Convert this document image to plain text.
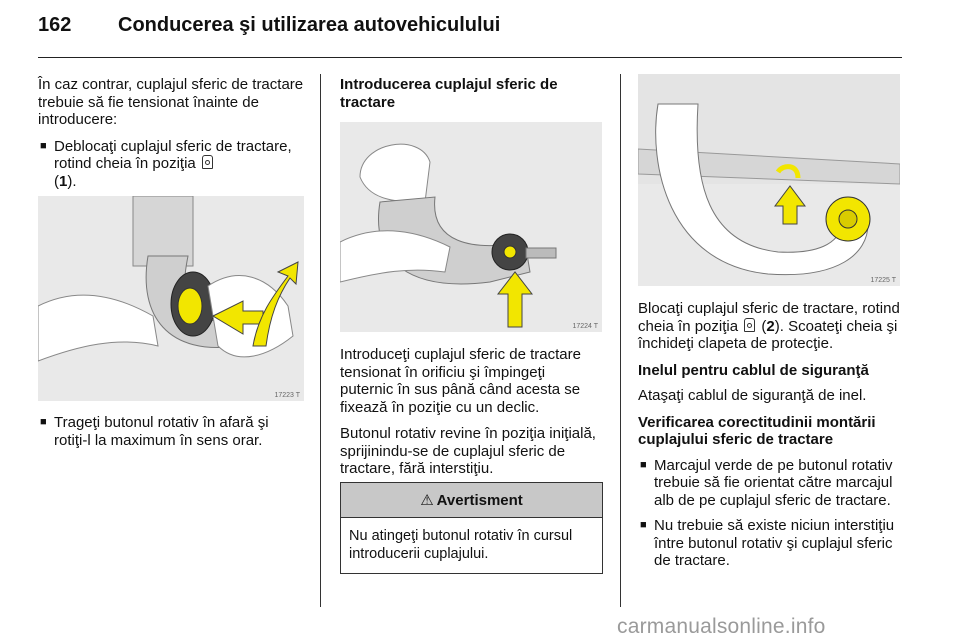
162 Conducerea şi utilizarea autovehiculului

În caz contrar, cuplajul sferic de tractare trebuie să fie tensionat înainte de introducere:

■ Deblocaţi cuplajul sferic de tractare, rotind cheia în poziţia
(1).
17223 T
■ Trageţi butonul rotativ în afară şi rotiţi-l la maximum în sens orar.
Introducerea cuplajul sferic de tractare
17224 T

Introduceţi cuplajul sferic de tractare tensionat în orificiu şi împingeţi puternic în sus până când acesta se fixează în poziţie cu un declic.

Butonul rotativ revine în poziţia iniţială, sprijinindu-se de cuplajul sferic de tractare, fără interstiţiu.

⚠ Avertisment
Nu atingeţi butonul rotativ în cursul introducerii cuplajului.
17225 T

Blocaţi cuplajul sferic de tractare, rotind cheia în poziţia (2). Scoateţi cheia şi închideţi clapeta de protecţie.

Inelul pentru cablul de siguranţă

Ataşaţi cablul de siguranţă de inel.

Verificarea corectitudinii montării cuplajului sferic de tractare
■ Marcajul verde de pe butonul rotativ trebuie să fie orientat către marcajul alb de pe cuplajul sferic de tractare.
■ Nu trebuie să existe niciun interstiţiu între butonul rotativ şi cuplajul sferic de tractare.
carmanualsonline.info
